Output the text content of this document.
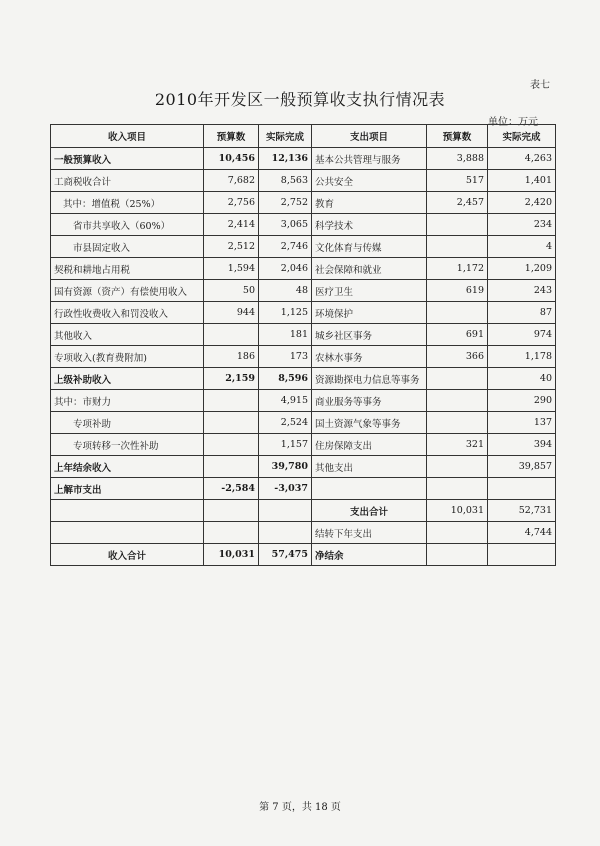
表七
2010年开发区一般预算收支执行情况表
单位：万元
收入项目	预算数	实际完成	支出项目	预算数	实际完成
一般预算收入	10,456	12,136	基本公共管理与服务	3,888	4,263
工商税收合计	7,682	8,563	公共安全	517	1,401
其中：增值税（25%）	2,756	2,752	教育	2,457	2,420
省市共享收入（60%）	2,414	3,065	科学技术		234
市县固定收入	2,512	2,746	文化体育与传媒		4
契税和耕地占用税	1,594	2,046	社会保障和就业	1,172	1,209
国有资源（资产）有偿使用收入	50	48	医疗卫生	619	243
行政性收费收入和罚没收入	944	1,125	环境保护		87
其他收入		181	城乡社区事务	691	974
专项收入(教育费附加)	186	173	农林水事务	366	1,178
上级补助收入	2,159	8,596	资源勘探电力信息等事务		40
其中：市财力		4,915	商业服务等事务		290
专项补助		2,524	国土资源气象等事务		137
专项转移一次性补助		1,157	住房保障支出	321	394
上年结余收入		39,780	其他支出		39,857
上解市支出	-2,584	-3,037			
			支出合计	10,031	52,731
			结转下年支出		4,744
收入合计	10,031	57,475	净结余		
第 7 页，共 18 页
